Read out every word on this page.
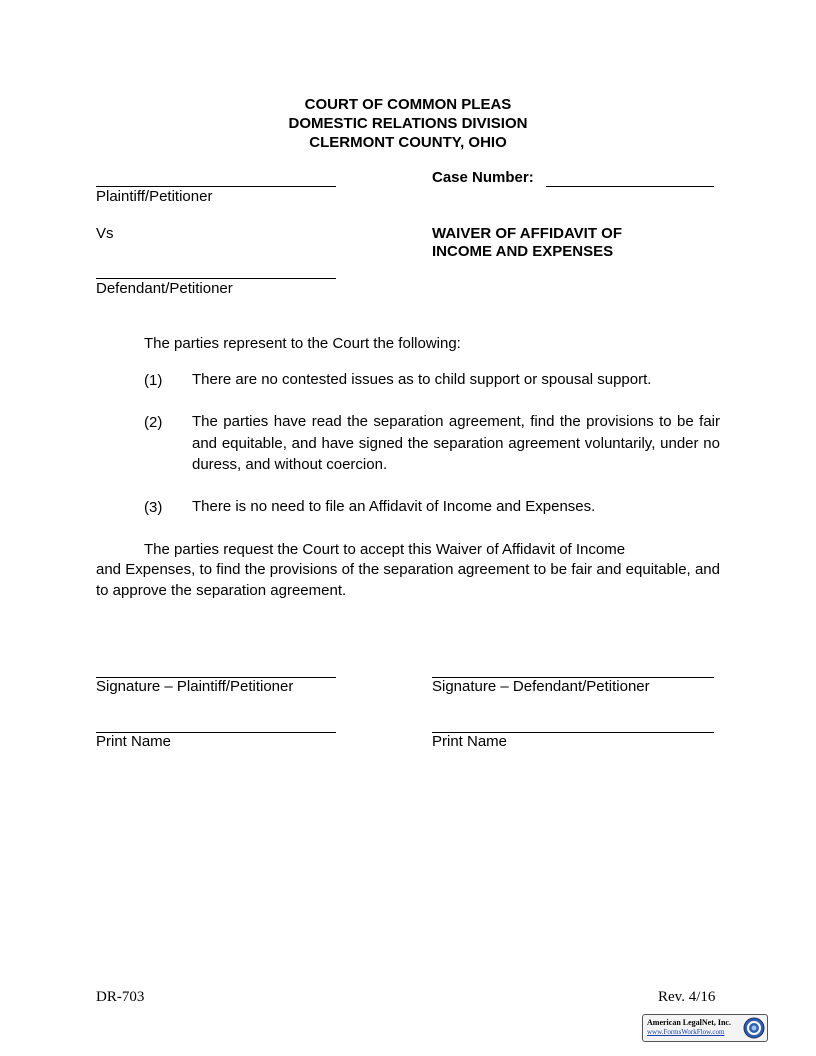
COURT OF COMMON PLEAS
DOMESTIC RELATIONS DIVISION
CLERMONT COUNTY, OHIO
Plaintiff/Petitioner
Vs
Defendant/Petitioner
Case Number:
WAIVER OF AFFIDAVIT OF
INCOME AND EXPENSES
The parties represent to the Court the following:
(1) There are no contested issues as to child support or spousal support.
(2) The parties have read the separation agreement, find the provisions to be fair and equitable, and have signed the separation agreement voluntarily, under no duress, and without coercion.
(3) There is no need to file an Affidavit of Income and Expenses.
The parties request the Court to accept this Waiver of Affidavit of Income
and Expenses, to find the provisions of the separation agreement to be fair and equitable, and to approve the separation agreement.
Signature – Plaintiff/Petitioner	Signature – Defendant/Petitioner
Print Name	Print Name
DR-703	Rev. 4/16
American LegalNet, Inc.
www.FormsWorkFlow.com
